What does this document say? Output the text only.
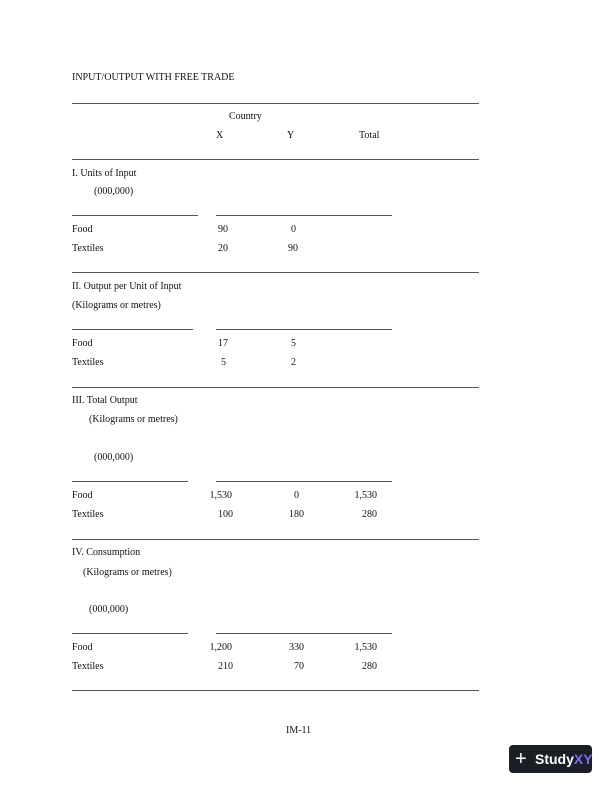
INPUT/OUTPUT WITH FREE TRADE
Country
X	Y	Total
I. Units of Input
(000,000)
Food	90	0
Textiles	20	90
II. Output per Unit of Input
(Kilograms or metres)
Food	17	5
Textiles	5	2
III. Total Output
(Kilograms or metres)
(000,000)
Food	1,530	0	1,530
Textiles	100	180	280
IV. Consumption
(Kilograms or metres)
(000,000)
Food	1,200	330	1,530
Textiles	210	70	280
IM-11
+ StudyXY
